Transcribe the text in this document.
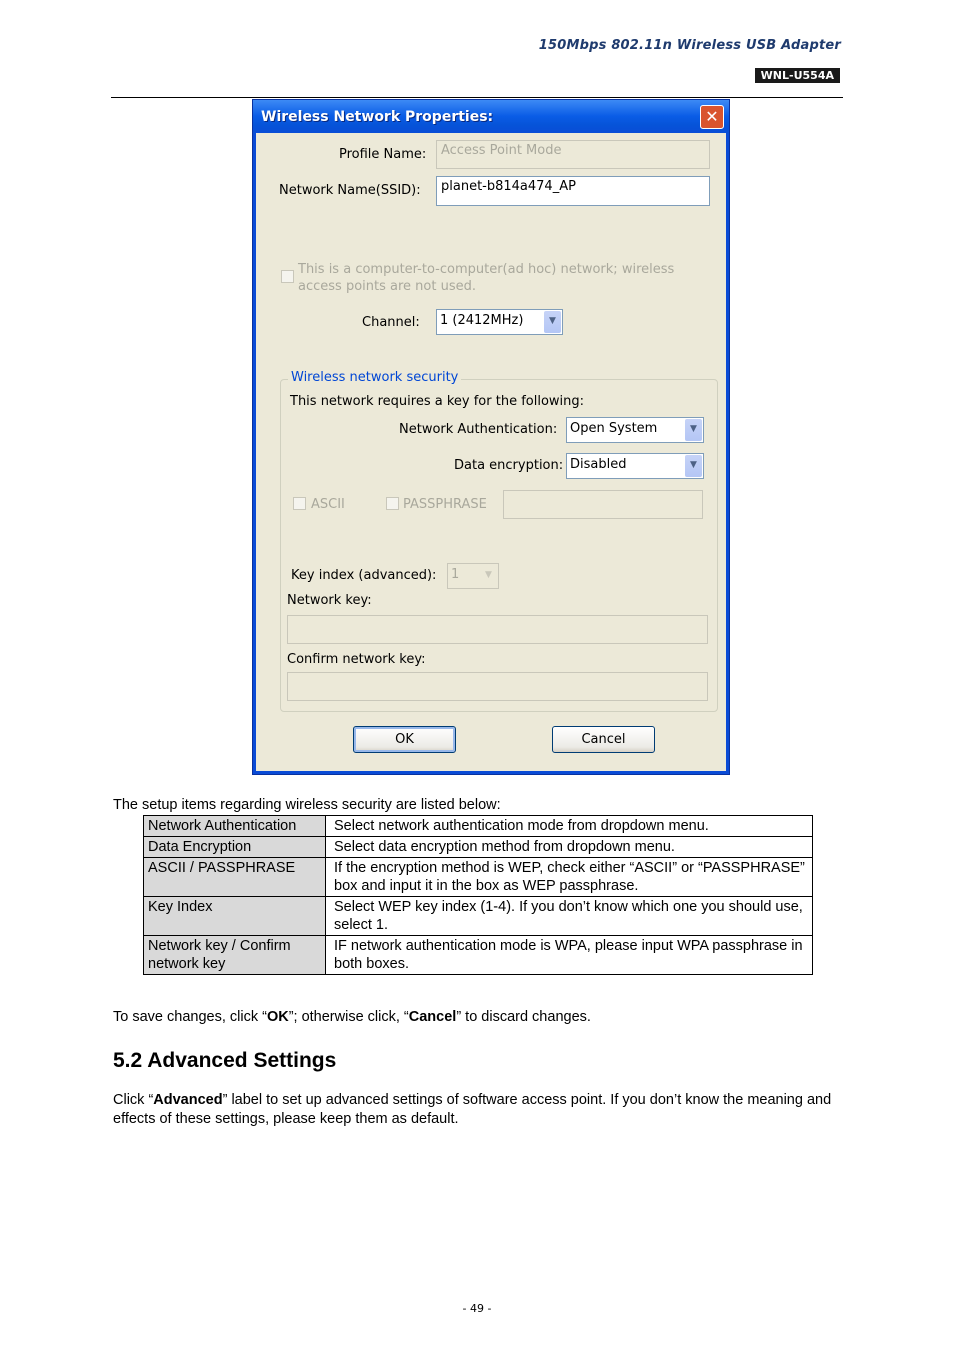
150Mbps 802.11n Wireless USB Adapter
WNL-U554A
Wireless Network Properties:	✕
Profile Name:	Access Point Mode
Network Name(SSID):	planet-b814a474_AP
This is a computer-to-computer(ad hoc) network; wireless
access points are not used.
Channel: 1 (2412MHz)	▼
Wireless network security
This network requires a key for the following:
Network Authentication: Open System	▼
Data encryption: Disabled	▼
ASCII	PASSPHRASE
Key index (advanced): 1	▼
Network key:
Confirm network key:
OK	Cancel
The setup items regarding wireless security are listed below:
Network Authentication	Select network authentication mode from dropdown menu.
Data Encryption	Select data encryption method from dropdown menu.
ASCII / PASSPHRASE	If the encryption method is WEP, check either “ASCII” or “PASSPHRASE” box and input it in the box as WEP passphrase.
Key Index	Select WEP key index (1-4). If you don’t know which one you should use, select 1.
Network key / Confirm network key	IF network authentication mode is WPA, please input WPA passphrase in both boxes.
To save changes, click “OK”; otherwise click, “Cancel” to discard changes.
5.2 Advanced Settings
Click “Advanced” label to set up advanced settings of software access point. If you don’t know the meaning and effects of these settings, please keep them as default.
- 49 -
